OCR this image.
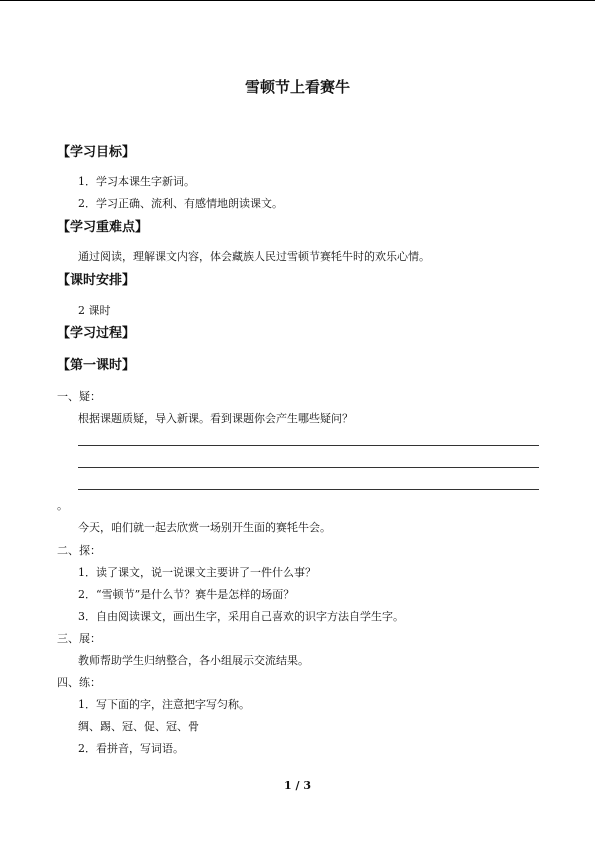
雪顿节上看赛牛
【学习目标】
1．学习本课生字新词。
2．学习正确、流利、有感情地朗读课文。
【学习重难点】
通过阅读，理解课文内容，体会藏族人民过雪顿节赛牦牛时的欢乐心情。
【课时安排】
2 课时
【学习过程】
【第一课时】
一、疑：
根据课题质疑，导入新课。看到课题你会产生哪些疑问？
。
今天，咱们就一起去欣赏一场别开生面的赛牦牛会。
二、探：
1．读了课文，说一说课文主要讲了一件什么事？
2．“雪顿节”是什么节？赛牛是怎样的场面？
3．自由阅读课文，画出生字，采用自己喜欢的识字方法自学生字。
三、展：
教师帮助学生归纳整合，各小组展示交流结果。
四、练：
1．写下面的字，注意把字写匀称。
绸、踢、冠、促、冠、骨
2．看拼音，写词语。
1 / 3
